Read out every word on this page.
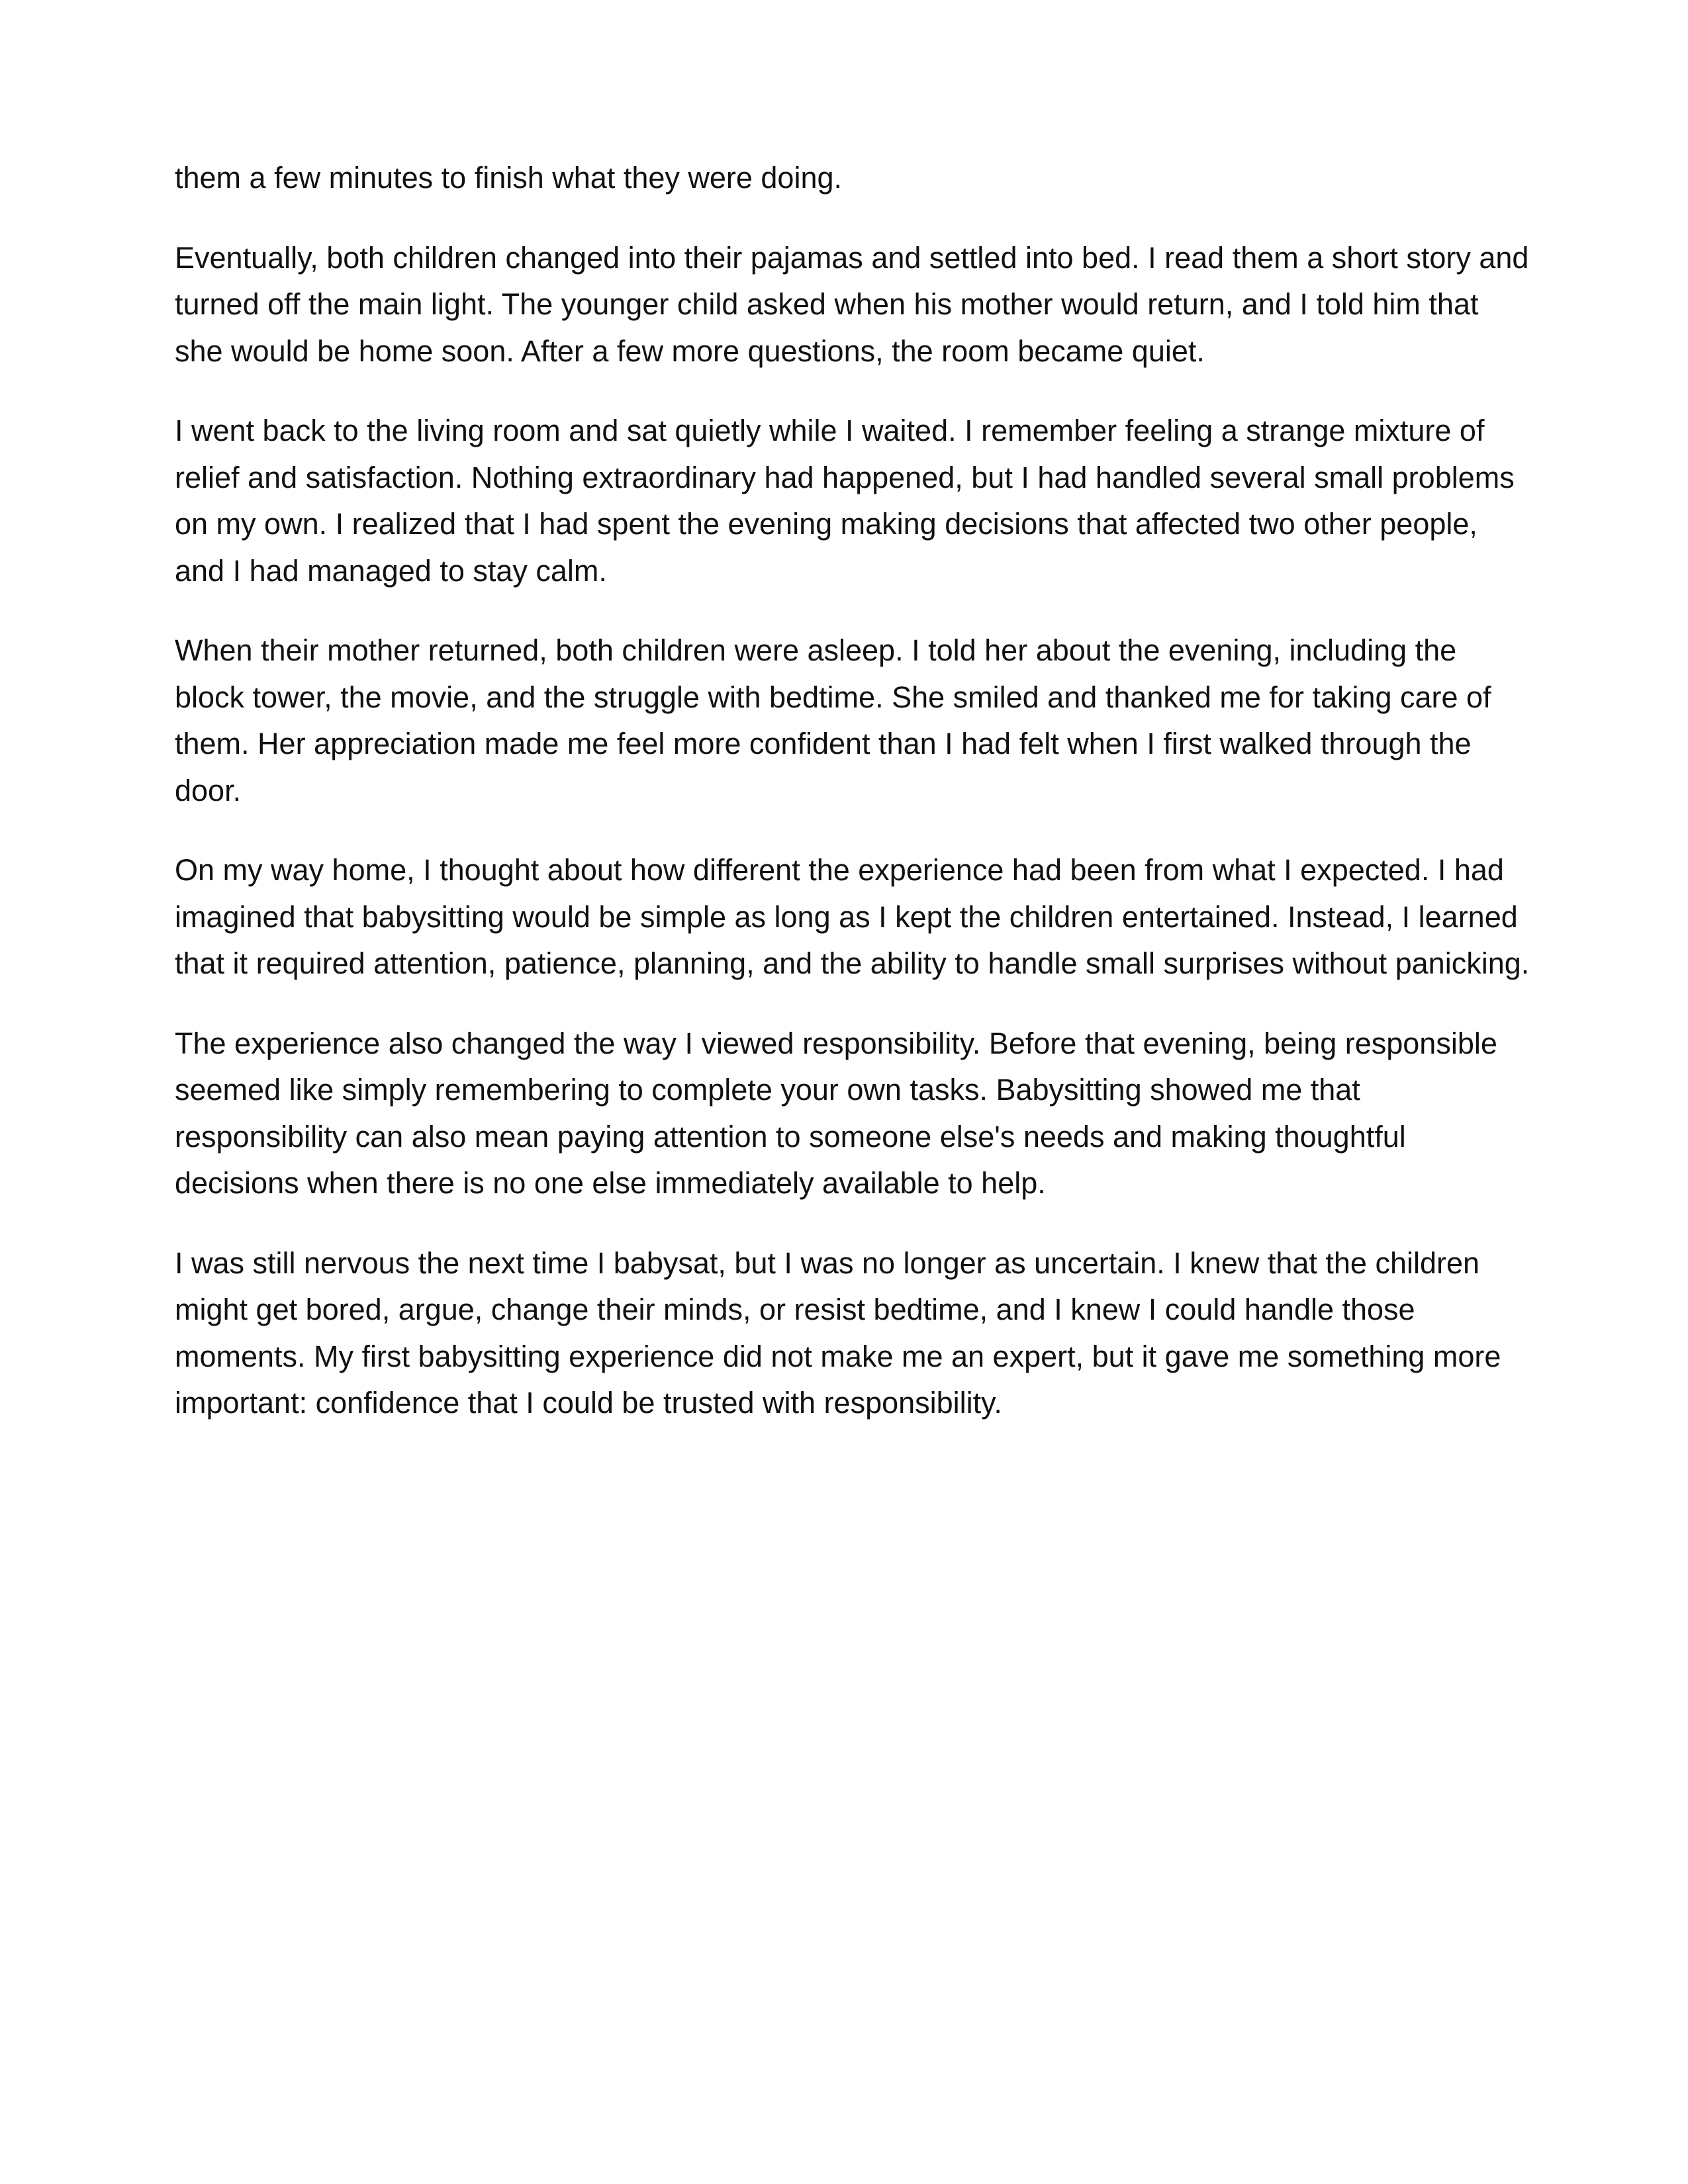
them a few minutes to finish what they were doing.

Eventually, both children changed into their pajamas and settled into bed. I read them a short story and turned off the main light. The younger child asked when his mother would return, and I told him that she would be home soon. After a few more questions, the room became quiet.

I went back to the living room and sat quietly while I waited. I remember feeling a strange mixture of relief and satisfaction. Nothing extraordinary had happened, but I had handled several small problems on my own. I realized that I had spent the evening making decisions that affected two other people, and I had managed to stay calm.

When their mother returned, both children were asleep. I told her about the evening, including the block tower, the movie, and the struggle with bedtime. She smiled and thanked me for taking care of them. Her appreciation made me feel more confident than I had felt when I first walked through the door.

On my way home, I thought about how different the experience had been from what I expected. I had imagined that babysitting would be simple as long as I kept the children entertained. Instead, I learned that it required attention, patience, planning, and the ability to handle small surprises without panicking.

The experience also changed the way I viewed responsibility. Before that evening, being responsible seemed like simply remembering to complete your own tasks. Babysitting showed me that responsibility can also mean paying attention to someone else's needs and making thoughtful decisions when there is no one else immediately available to help.

I was still nervous the next time I babysat, but I was no longer as uncertain. I knew that the children might get bored, argue, change their minds, or resist bedtime, and I knew I could handle those moments. My first babysitting experience did not make me an expert, but it gave me something more important: confidence that I could be trusted with responsibility.
